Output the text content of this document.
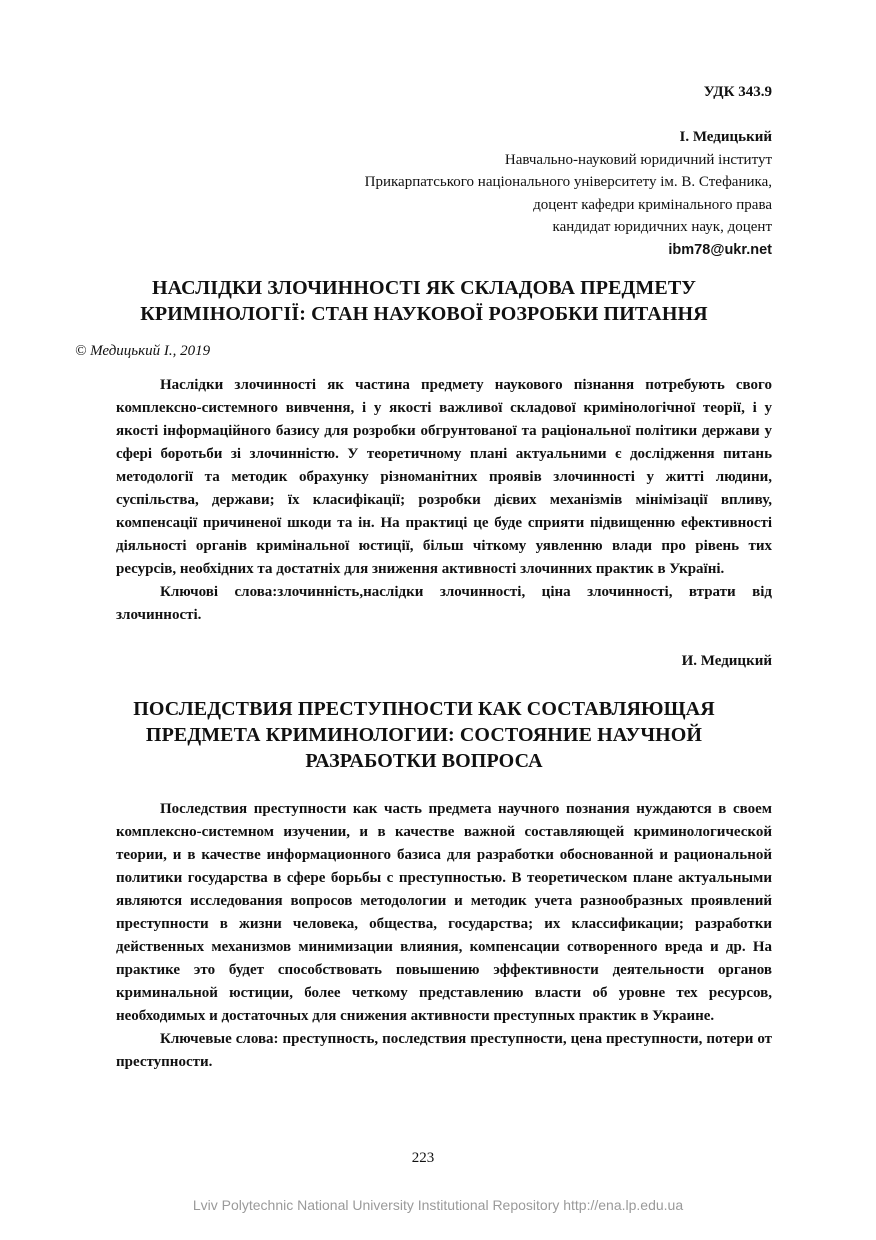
УДК 343.9
І. Медицький
Навчально-науковий юридичний інститут
Прикарпатського національного університету ім. В. Стефаника,
доцент кафедри кримінального права
кандидат юридичних наук, доцент
ibm78@ukr.net
НАСЛІДКИ ЗЛОЧИННОСТІ ЯК СКЛАДОВА ПРЕДМЕТУ
КРИМІНОЛОГІЇ: СТАН НАУКОВОЇ РОЗРОБКИ ПИТАННЯ
© Медицький І., 2019

Наслідки злочинності як частина предмету наукового пізнання потребують свого комплексно-системного вивчення, і у якості важливої складової кримінологічної теорії, і у якості інформаційного базису для розробки обгрунтованої та раціональної політики держави у сфері боротьби зі злочинністю. У теоретичному плані актуальними є дослідження питань методології та методик обрахунку різноманітних проявів злочинності у житті людини, суспільства, держави; їх класифікації; розробки дієвих механізмів мінімізації впливу, компенсації причиненої шкоди та ін. На практиці це буде сприяти підвищенню ефективності діяльності органів кримінальної юстиції, більш чіткому уявленню влади про рівень тих ресурсів, необхідних та достатніх для зниження активності злочинних практик в Україні.

Ключові слова:злочинність,наслідки злочинності, ціна злочинності, втрати від злочинності.

И. Медицкий
ПОСЛЕДСТВИЯ ПРЕСТУПНОСТИ КАК СОСТАВЛЯЮЩАЯ
ПРЕДМЕТА КРИМИНОЛОГИИ: СОСТОЯНИЕ НАУЧНОЙ
РАЗРАБОТКИ ВОПРОСА

Последствия преступности как часть предмета научного познания нуждаются в своем комплексно-системном изучении, и в качестве важной составляющей криминологической теории, и в качестве информационного базиса для разработки обоснованной и рациональной политики государства в сфере борьбы с преступностью. В теоретическом плане актуальными являются исследования вопросов методологии и методик учета разнообразных проявлений преступности в жизни человека, общества, государства; их классификации; разработки действенных механизмов минимизации влияния, компенсации сотворенного вреда и др. На практике это будет способствовать повышению эффективности деятельности органов криминальной юстиции, более четкому представлению власти об уровне тех ресурсов, необходимых и достаточных для снижения активности преступных практик в Украине.

Ключевые слова: преступность, последствия преступности, цена преступности, потери от преступности.

223
Lviv Polytechnic National University Institutional Repository http://ena.lp.edu.ua
